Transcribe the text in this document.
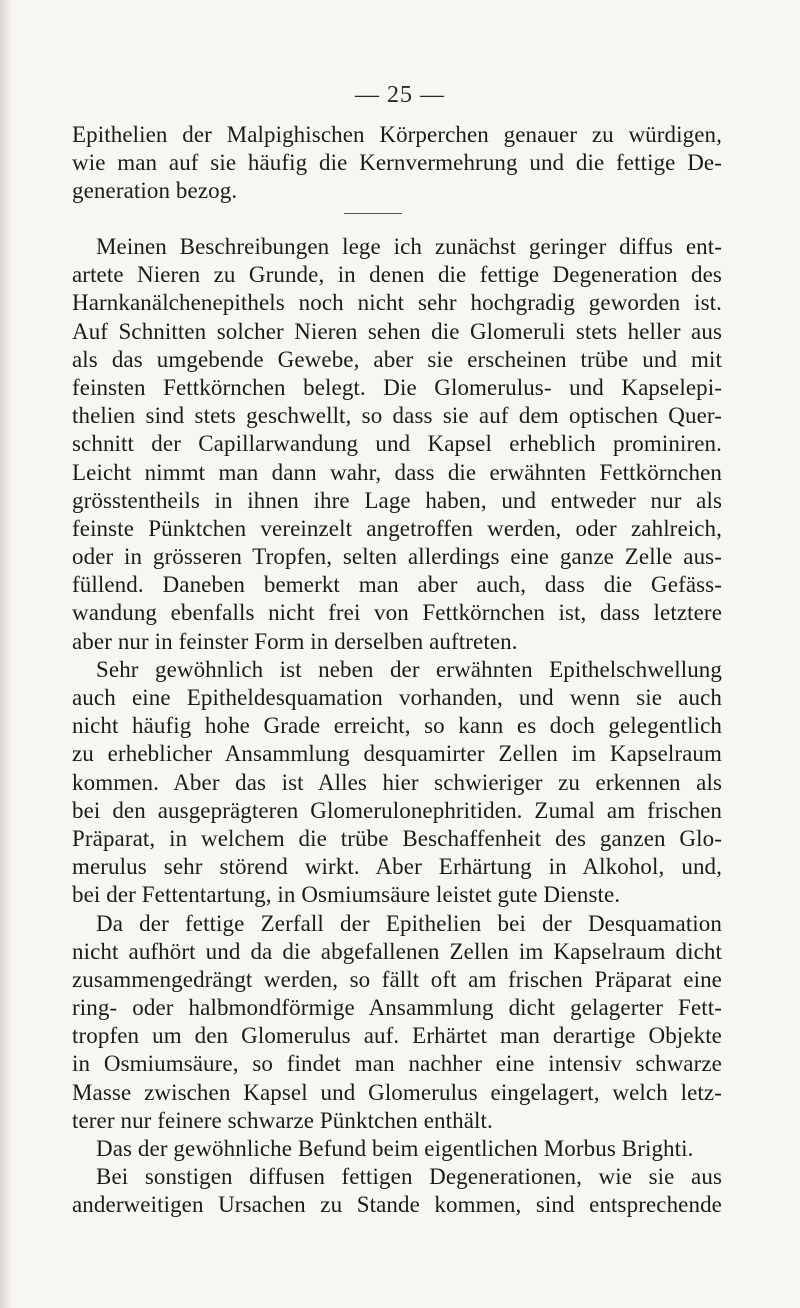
— 25 —
Epithelien der Malpighischen Körperchen genauer zu würdigen,
wie man auf sie häufig die Kernvermehrung und die fettige De-
generation bezog.
Meinen Beschreibungen lege ich zunächst geringer diffus ent-
artete Nieren zu Grunde, in denen die fettige Degeneration des
Harnkanälchenepithels noch nicht sehr hochgradig geworden ist.
Auf Schnitten solcher Nieren sehen die Glomeruli stets heller aus
als das umgebende Gewebe, aber sie erscheinen trübe und mit
feinsten Fettkörnchen belegt. Die Glomerulus- und Kapselepi-
thelien sind stets geschwellt, so dass sie auf dem optischen Quer-
schnitt der Capillarwandung und Kapsel erheblich prominiren.
Leicht nimmt man dann wahr, dass die erwähnten Fettkörnchen
grösstentheils in ihnen ihre Lage haben, und entweder nur als
feinste Pünktchen vereinzelt angetroffen werden, oder zahlreich,
oder in grösseren Tropfen, selten allerdings eine ganze Zelle aus-
füllend. Daneben bemerkt man aber auch, dass die Gefäss-
wandung ebenfalls nicht frei von Fettkörnchen ist, dass letztere
aber nur in feinster Form in derselben auftreten.
Sehr gewöhnlich ist neben der erwähnten Epithelschwellung
auch eine Epitheldesquamation vorhanden, und wenn sie auch
nicht häufig hohe Grade erreicht, so kann es doch gelegentlich
zu erheblicher Ansammlung desquamirter Zellen im Kapselraum
kommen. Aber das ist Alles hier schwieriger zu erkennen als
bei den ausgeprägteren Glomerulonephritiden. Zumal am frischen
Präparat, in welchem die trübe Beschaffenheit des ganzen Glo-
merulus sehr störend wirkt. Aber Erhärtung in Alkohol, und,
bei der Fettentartung, in Osmiumsäure leistet gute Dienste.
Da der fettige Zerfall der Epithelien bei der Desquamation
nicht aufhört und da die abgefallenen Zellen im Kapselraum dicht
zusammengedrängt werden, so fällt oft am frischen Präparat eine
ring- oder halbmondförmige Ansammlung dicht gelagerter Fett-
tropfen um den Glomerulus auf. Erhärtet man derartige Objekte
in Osmiumsäure, so findet man nachher eine intensiv schwarze
Masse zwischen Kapsel und Glomerulus eingelagert, welch letz-
terer nur feinere schwarze Pünktchen enthält.
Das der gewöhnliche Befund beim eigentlichen Morbus Brighti.
Bei sonstigen diffusen fettigen Degenerationen, wie sie aus
anderweitigen Ursachen zu Stande kommen, sind entsprechende
